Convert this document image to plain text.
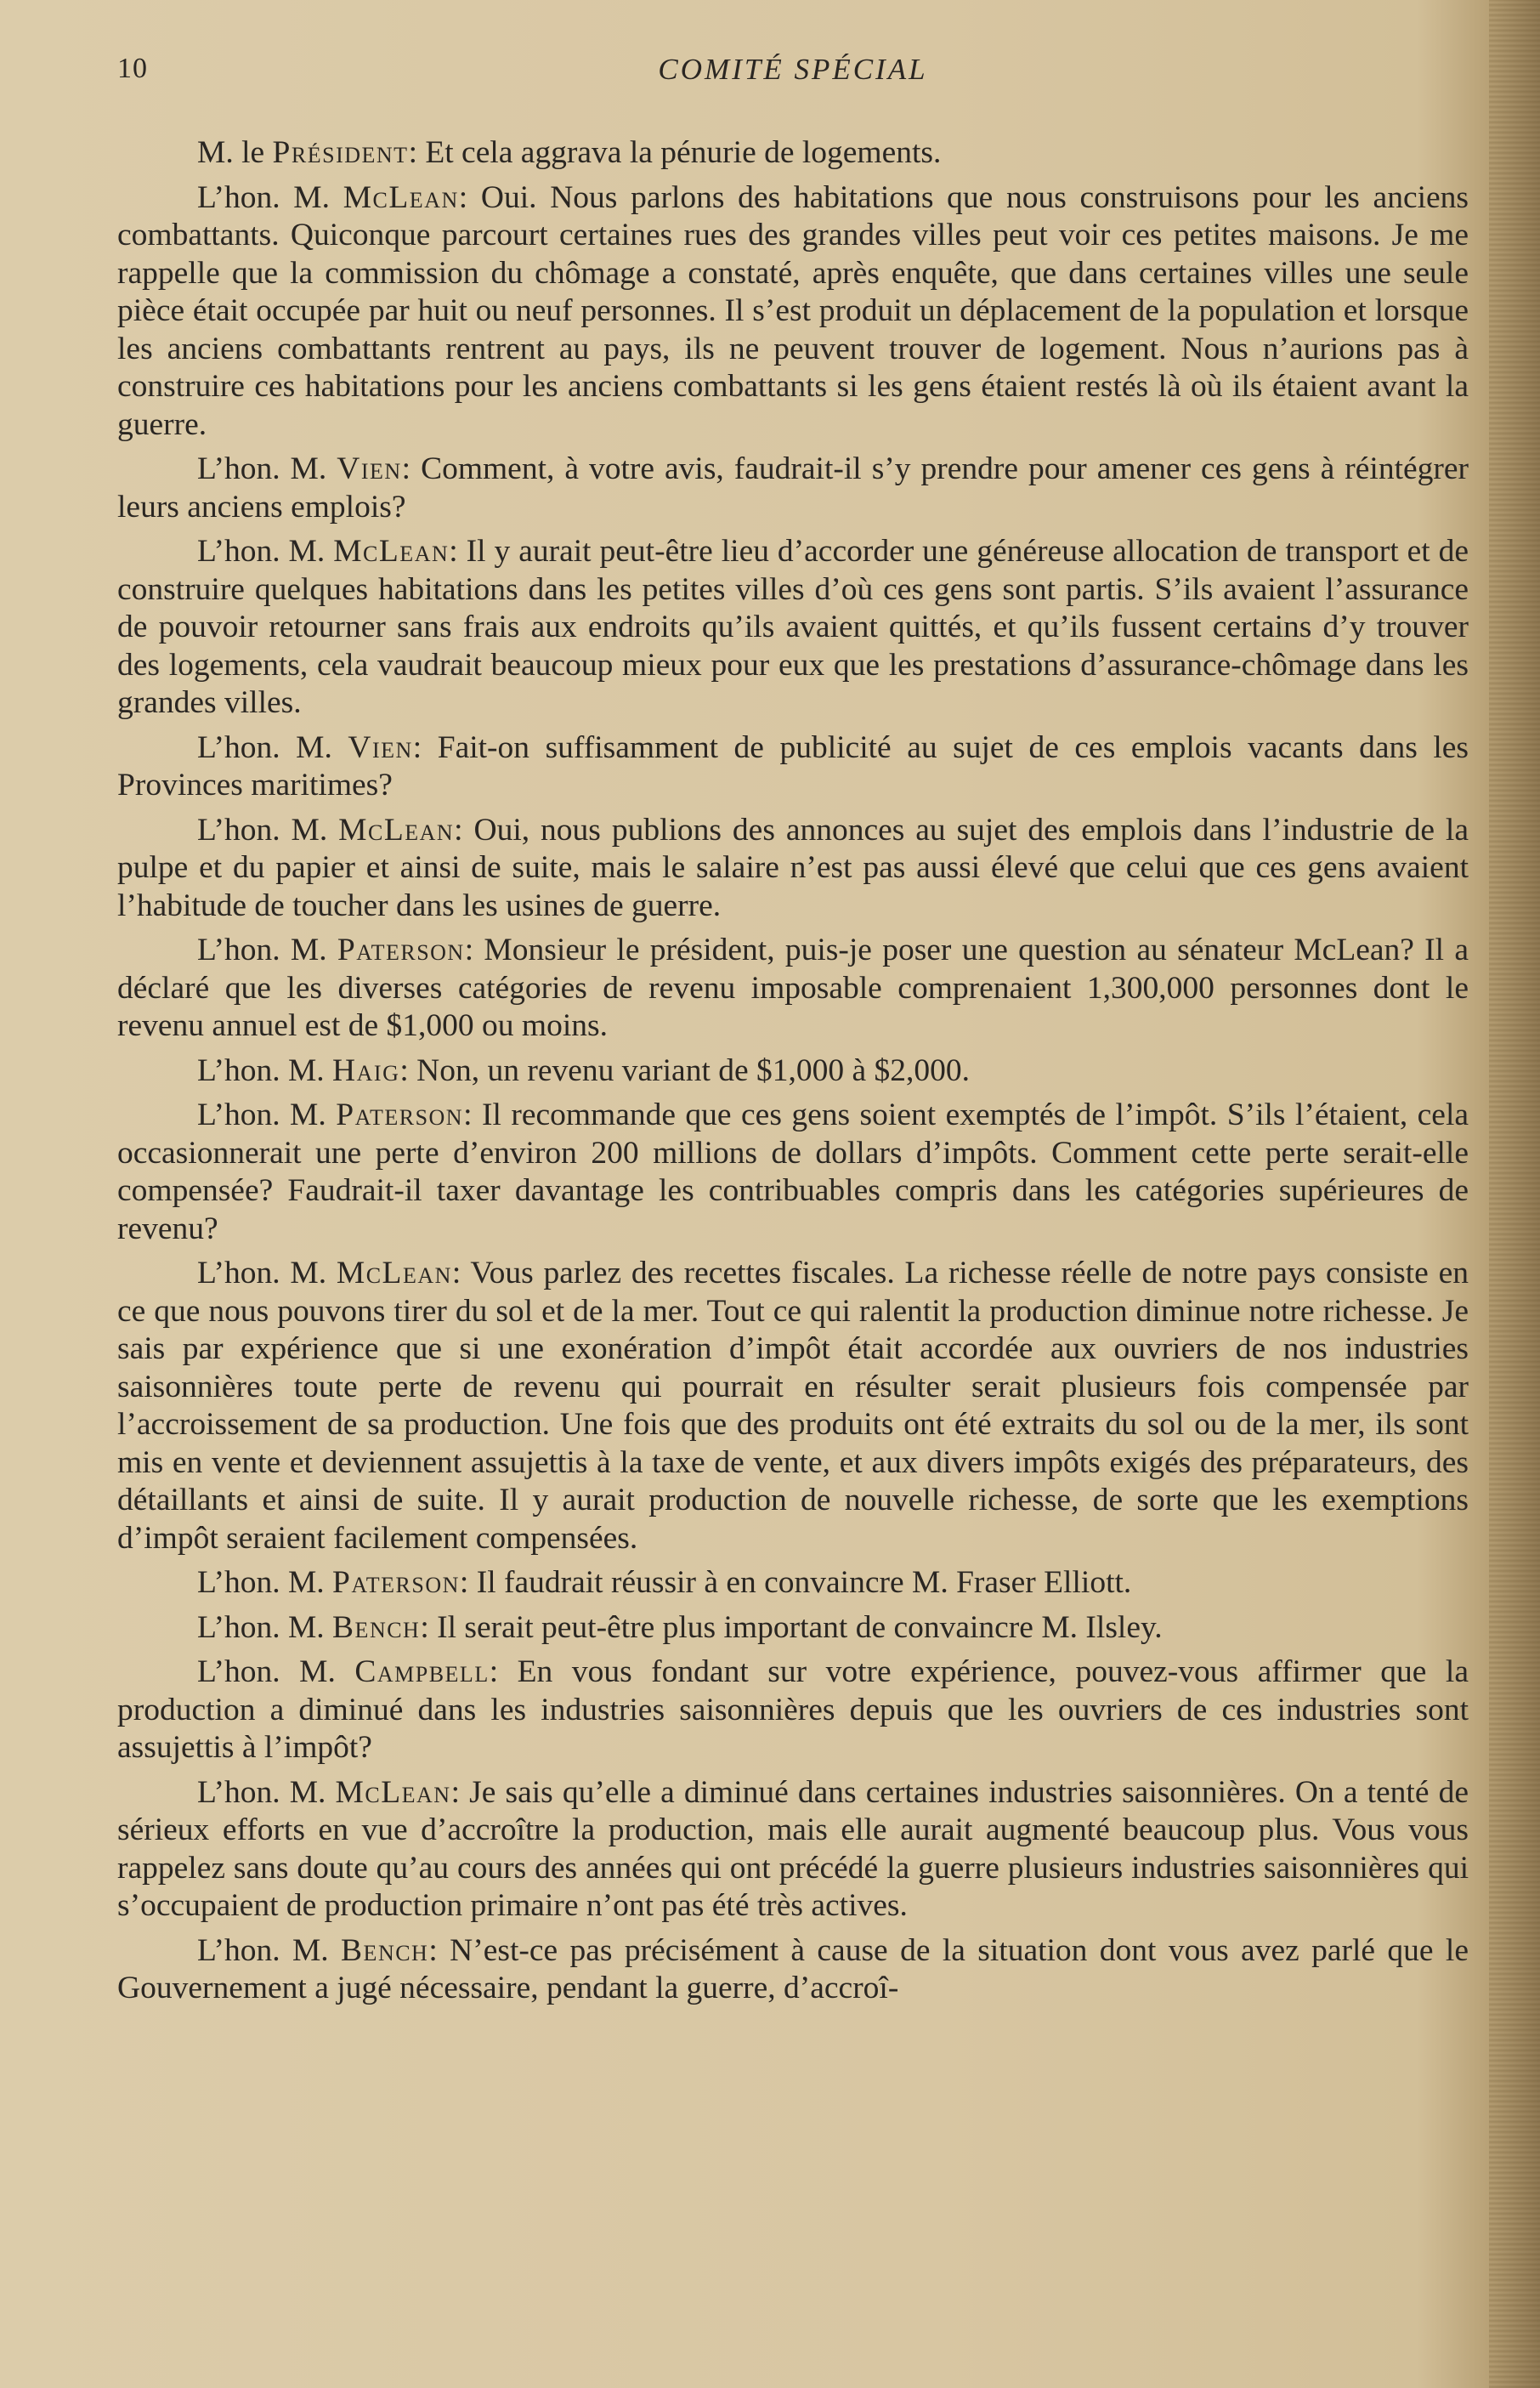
10	COMITÉ SPÉCIAL

M. le Président: Et cela aggrava la pénurie de logements.

L’hon. M. McLean: Oui. Nous parlons des habitations que nous construisons pour les anciens combattants. Quiconque parcourt certaines rues des grandes villes peut voir ces petites maisons. Je me rappelle que la commission du chômage a constaté, après enquête, que dans certaines villes une seule pièce était occupée par huit ou neuf personnes. Il s’est produit un déplacement de la population et lorsque les anciens combattants rentrent au pays, ils ne peuvent trouver de logement. Nous n’aurions pas à construire ces habitations pour les anciens combattants si les gens étaient restés là où ils étaient avant la guerre.

L’hon. M. Vien: Comment, à votre avis, faudrait-il s’y prendre pour amener ces gens à réintégrer leurs anciens emplois?

L’hon. M. McLean: Il y aurait peut-être lieu d’accorder une généreuse allocation de transport et de construire quelques habitations dans les petites villes d’où ces gens sont partis. S’ils avaient l’assurance de pouvoir retourner sans frais aux endroits qu’ils avaient quittés, et qu’ils fussent certains d’y trouver des logements, cela vaudrait beaucoup mieux pour eux que les prestations d’assurance-chômage dans les grandes villes.

L’hon. M. Vien: Fait-on suffisamment de publicité au sujet de ces emplois vacants dans les Provinces maritimes?

L’hon. M. McLean: Oui, nous publions des annonces au sujet des emplois dans l’industrie de la pulpe et du papier et ainsi de suite, mais le salaire n’est pas aussi élevé que celui que ces gens avaient l’habitude de toucher dans les usines de guerre.

L’hon. M. Paterson: Monsieur le président, puis-je poser une question au sénateur McLean? Il a déclaré que les diverses catégories de revenu imposable comprenaient 1,300,000 personnes dont le revenu annuel est de $1,000 ou moins.

L’hon. M. Haig: Non, un revenu variant de $1,000 à $2,000.

L’hon. M. Paterson: Il recommande que ces gens soient exemptés de l’impôt. S’ils l’étaient, cela occasionnerait une perte d’environ 200 millions de dollars d’impôts. Comment cette perte serait-elle compensée? Faudrait-il taxer davantage les contribuables compris dans les catégories supérieures de revenu?

L’hon. M. McLean: Vous parlez des recettes fiscales. La richesse réelle de notre pays consiste en ce que nous pouvons tirer du sol et de la mer. Tout ce qui ralentit la production diminue notre richesse. Je sais par expérience que si une exonération d’impôt était accordée aux ouvriers de nos industries saisonnières toute perte de revenu qui pourrait en résulter serait plusieurs fois compensée par l’accroissement de sa production. Une fois que des produits ont été extraits du sol ou de la mer, ils sont mis en vente et deviennent assujettis à la taxe de vente, et aux divers impôts exigés des préparateurs, des détaillants et ainsi de suite. Il y aurait production de nouvelle richesse, de sorte que les exemptions d’impôt seraient facilement compensées.

L’hon. M. Paterson: Il faudrait réussir à en convaincre M. Fraser Elliott.

L’hon. M. Bench: Il serait peut-être plus important de convaincre M. Ilsley.

L’hon. M. Campbell: En vous fondant sur votre expérience, pouvez-vous affirmer que la production a diminué dans les industries saisonnières depuis que les ouvriers de ces industries sont assujettis à l’impôt?

L’hon. M. McLean: Je sais qu’elle a diminué dans certaines industries saisonnières. On a tenté de sérieux efforts en vue d’accroître la production, mais elle aurait augmenté beaucoup plus. Vous vous rappelez sans doute qu’au cours des années qui ont précédé la guerre plusieurs industries saisonnières qui s’occupaient de production primaire n’ont pas été très actives.

L’hon. M. Bench: N’est-ce pas précisément à cause de la situation dont vous avez parlé que le Gouvernement a jugé nécessaire, pendant la guerre, d’accroî-
